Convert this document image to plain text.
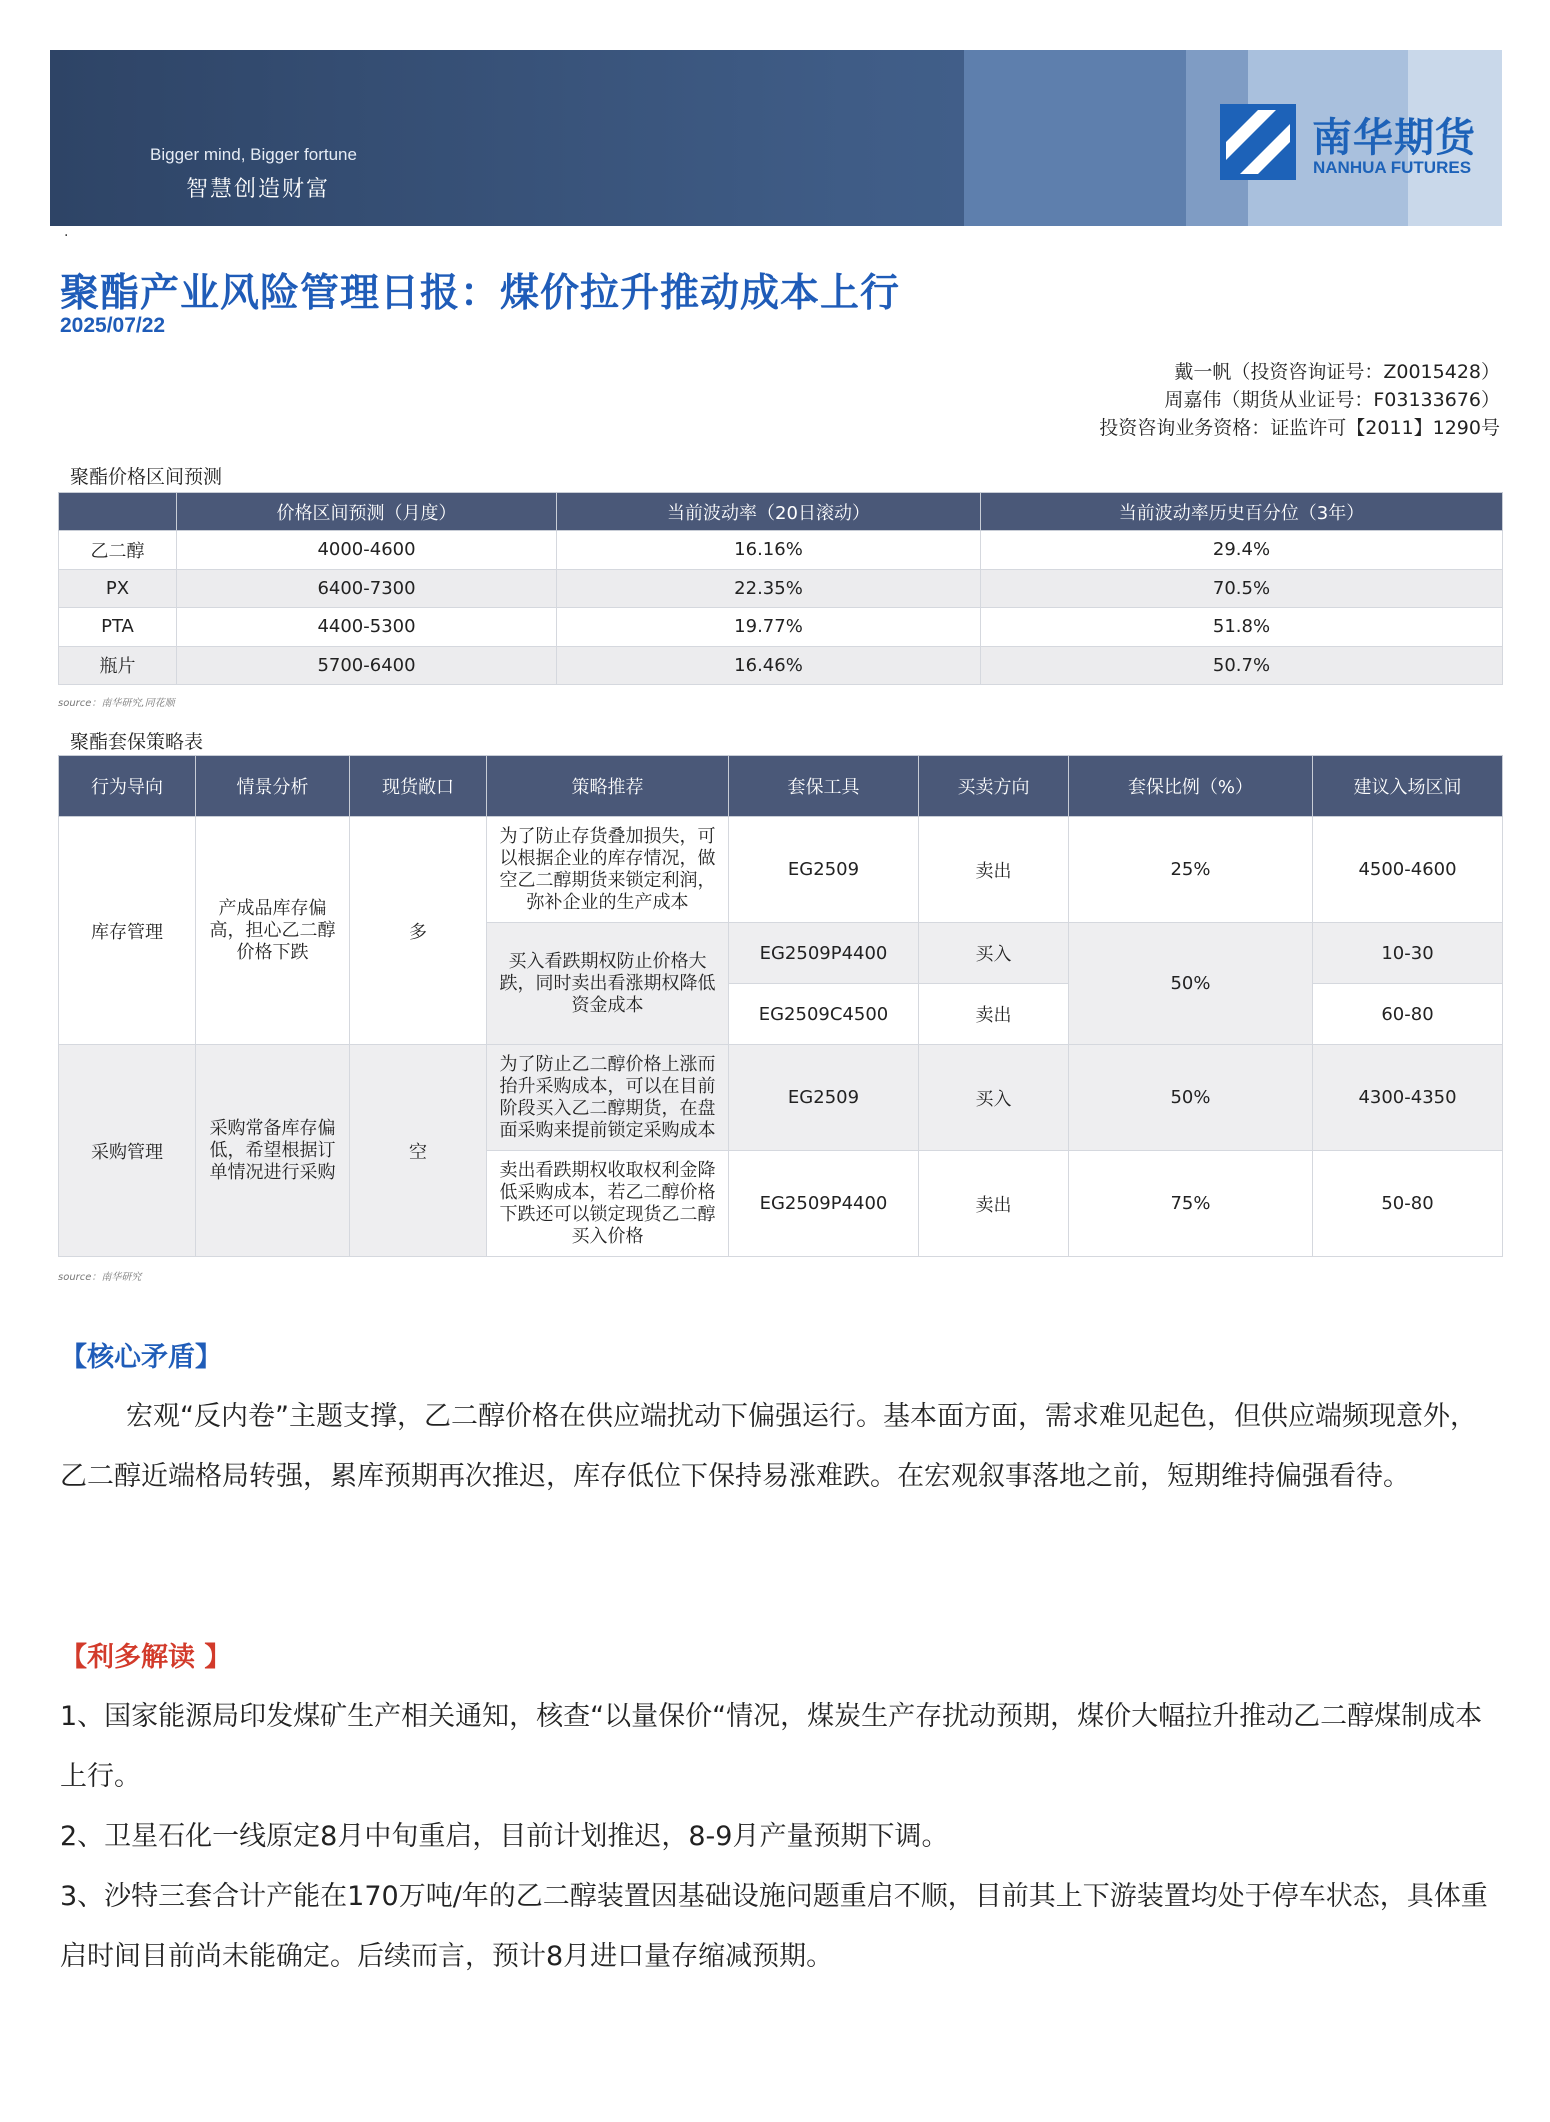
Bigger mind, Bigger fortune
智慧创造财富
南华期货
NANHUA FUTURES
·
聚酯产业风险管理日报：煤价拉升推动成本上行
2025/07/22
戴一帆（投资咨询证号：Z0015428）
周嘉伟（期货从业证号：F03133676）
投资咨询业务资格：证监许可【2011】1290号
聚酯价格区间预测
	价格区间预测（月度）	当前波动率（20日滚动）	当前波动率历史百分位（3年）
乙二醇	4000-4600	16.16%	29.4%
PX	6400-7300	22.35%	70.5%
PTA	4400-5300	19.77%	51.8%
瓶片	5700-6400	16.46%	50.7%
source：南华研究,同花顺
聚酯套保策略表
行为导向	情景分析	现货敞口	策略推荐	套保工具	买卖方向	套保比例（%）	建议入场区间
库存管理	产成品库存偏高，担心乙二醇价格下跌	多	为了防止存货叠加损失，可以根据企业的库存情况，做空乙二醇期货来锁定利润，弥补企业的生产成本	EG2509	卖出	25%	4500-4600
			买入看跌期权防止价格大跌，同时卖出看涨期权降低资金成本	EG2509P4400	买入	50%	10-30
				EG2509C4500	卖出		60-80
采购管理	采购常备库存偏低，希望根据订单情况进行采购	空	为了防止乙二醇价格上涨而抬升采购成本，可以在目前阶段买入乙二醇期货，在盘面采购来提前锁定采购成本	EG2509	买入	50%	4300-4350
			卖出看跌期权收取权利金降低采购成本，若乙二醇价格下跌还可以锁定现货乙二醇买入价格	EG2509P4400	卖出	75%	50-80
source：南华研究
【核心矛盾】
宏观“反内卷”主题支撑，乙二醇价格在供应端扰动下偏强运行。基本面方面，需求难见起色，但供应端频现意外，乙二醇近端格局转强，累库预期再次推迟，库存低位下保持易涨难跌。在宏观叙事落地之前，短期维持偏强看待。
【利多解读 】
1、国家能源局印发煤矿生产相关通知，核查“以量保价“情况，煤炭生产存扰动预期，煤价大幅拉升推动乙二醇煤制成本上行。
2、卫星石化一线原定8月中旬重启，目前计划推迟，8-9月产量预期下调。
3、沙特三套合计产能在170万吨/年的乙二醇装置因基础设施问题重启不顺，目前其上下游装置均处于停车状态，具体重启时间目前尚未能确定。后续而言，预计8月进口量存缩减预期。
